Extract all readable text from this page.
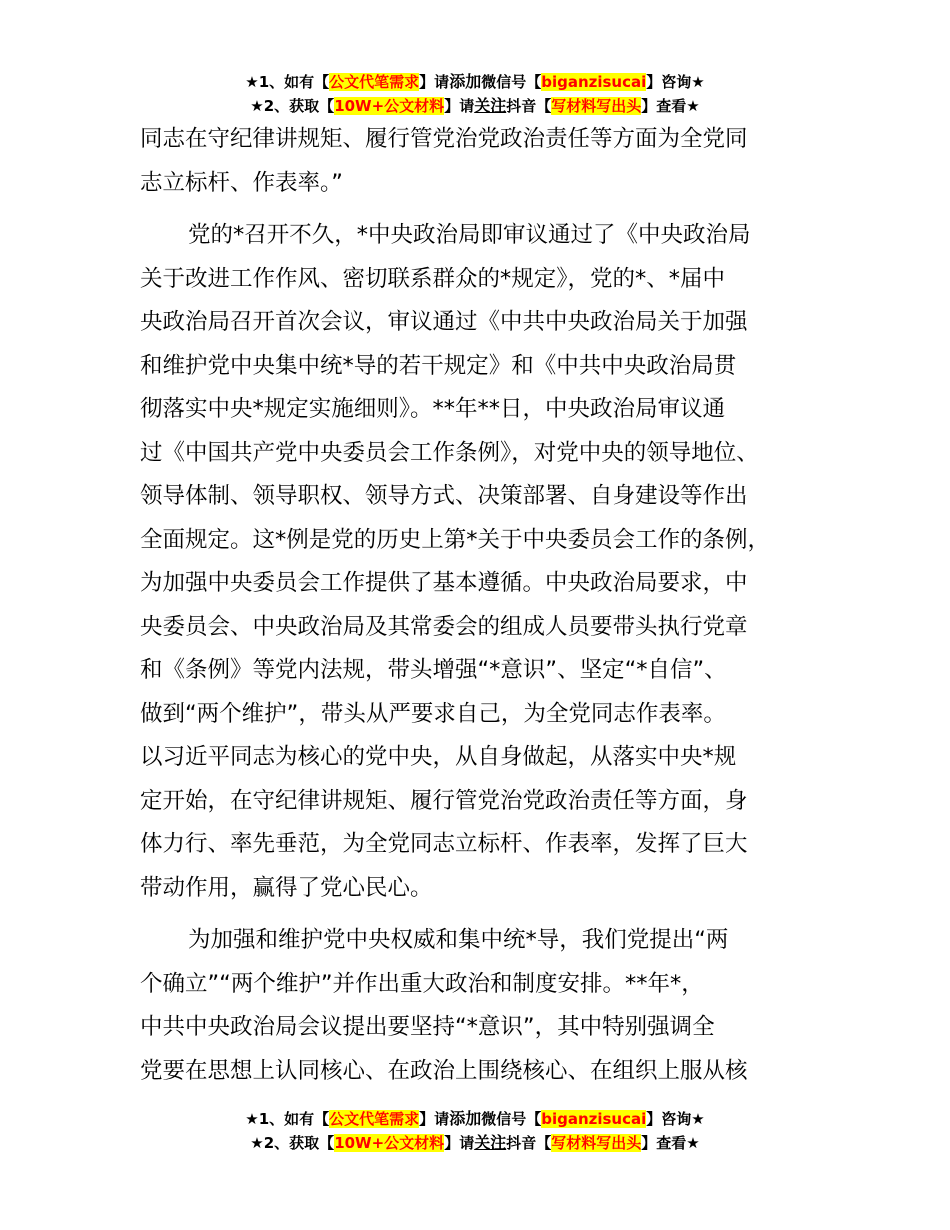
★1、如有【公文代笔需求】请添加微信号【biganzisucai】咨询★
★2、获取【10W+公文材料】请关注抖音【写材料写出头】查看★

同志在守纪律讲规矩、履行管党治党政治责任等方面为全党同

志立标杆、作表率。”

党的*召开不久，*中央政治局即审议通过了《中央政治局

关于改进工作作风、密切联系群众的*规定》，党的*、*届中

央政治局召开首次会议，审议通过《中共中央政治局关于加强

和维护党中央集中统*导的若干规定》和《中共中央政治局贯

彻落实中央*规定实施细则》。**年**日，中央政治局审议通

过《中国共产党中央委员会工作条例》，对党中央的领导地位、

领导体制、领导职权、领导方式、决策部署、自身建设等作出

全面规定。这*例是党的历史上第*关于中央委员会工作的条例，

为加强中央委员会工作提供了基本遵循。中央政治局要求，中

央委员会、中央政治局及其常委会的组成人员要带头执行党章

和《条例》等党内法规，带头增强“*意识”、坚定“*自信”、

做到“两个维护”，带头从严要求自己，为全党同志作表率。

以习近平同志为核心的党中央，从自身做起，从落实中央*规

定开始，在守纪律讲规矩、履行管党治党政治责任等方面，身

体力行、率先垂范，为全党同志立标杆、作表率，发挥了巨大

带动作用，赢得了党心民心。

为加强和维护党中央权威和集中统*导，我们党提出“两

个确立”“两个维护”并作出重大政治和制度安排。**年*，

中共中央政治局会议提出要坚持“*意识”，其中特别强调全

党要在思想上认同核心、在政治上围绕核心、在组织上服从核

★1、如有【公文代笔需求】请添加微信号【biganzisucai】咨询★
★2、获取【10W+公文材料】请关注抖音【写材料写出头】查看★
